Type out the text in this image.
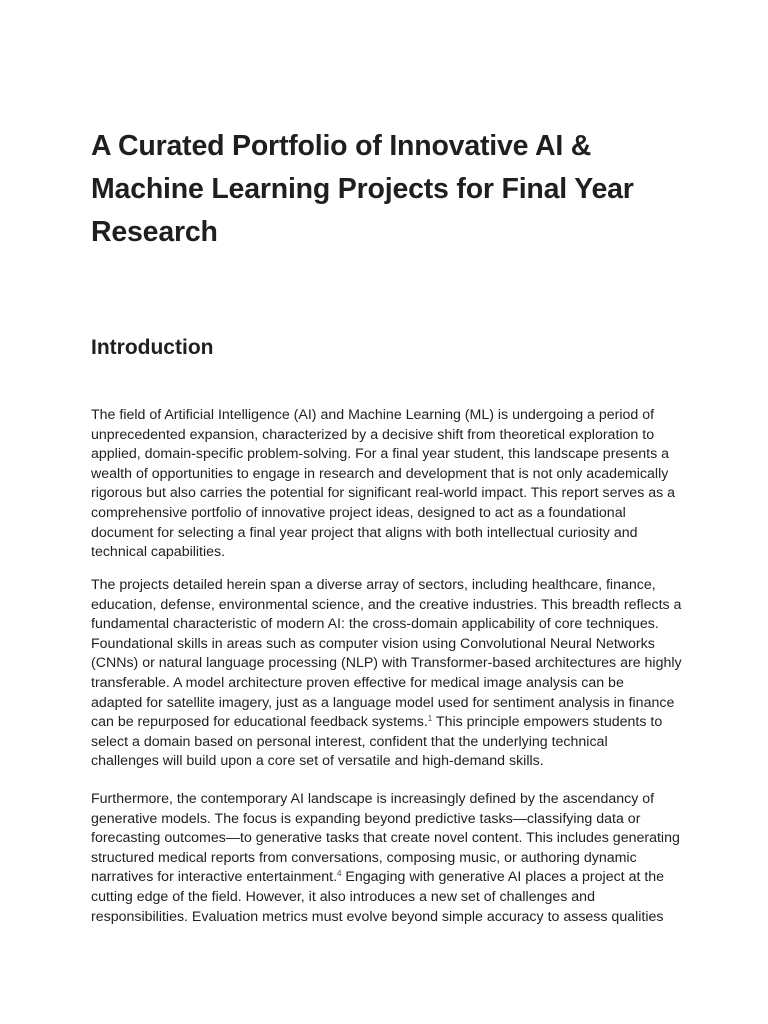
A Curated Portfolio of Innovative AI &
Machine Learning Projects for Final Year
Research
Introduction

The field of Artificial Intelligence (AI) and Machine Learning (ML) is undergoing a period of
unprecedented expansion, characterized by a decisive shift from theoretical exploration to
applied, domain-specific problem-solving. For a final year student, this landscape presents a
wealth of opportunities to engage in research and development that is not only academically
rigorous but also carries the potential for significant real-world impact. This report serves as a
comprehensive portfolio of innovative project ideas, designed to act as a foundational
document for selecting a final year project that aligns with both intellectual curiosity and
technical capabilities.

The projects detailed herein span a diverse array of sectors, including healthcare, finance,
education, defense, environmental science, and the creative industries. This breadth reflects a
fundamental characteristic of modern AI: the cross-domain applicability of core techniques.
Foundational skills in areas such as computer vision using Convolutional Neural Networks
(CNNs) or natural language processing (NLP) with Transformer-based architectures are highly
transferable. A model architecture proven effective for medical image analysis can be
adapted for satellite imagery, just as a language model used for sentiment analysis in finance
can be repurposed for educational feedback systems.$^1$ This principle empowers students to
select a domain based on personal interest, confident that the underlying technical
challenges will build upon a core set of versatile and high-demand skills.

Furthermore, the contemporary AI landscape is increasingly defined by the ascendancy of
generative models. The focus is expanding beyond predictive tasks—classifying data or
forecasting outcomes—to generative tasks that create novel content. This includes generating
structured medical reports from conversations, composing music, or authoring dynamic
narratives for interactive entertainment.$^4$ Engaging with generative AI places a project at the
cutting edge of the field. However, it also introduces a new set of challenges and
responsibilities. Evaluation metrics must evolve beyond simple accuracy to assess qualities
